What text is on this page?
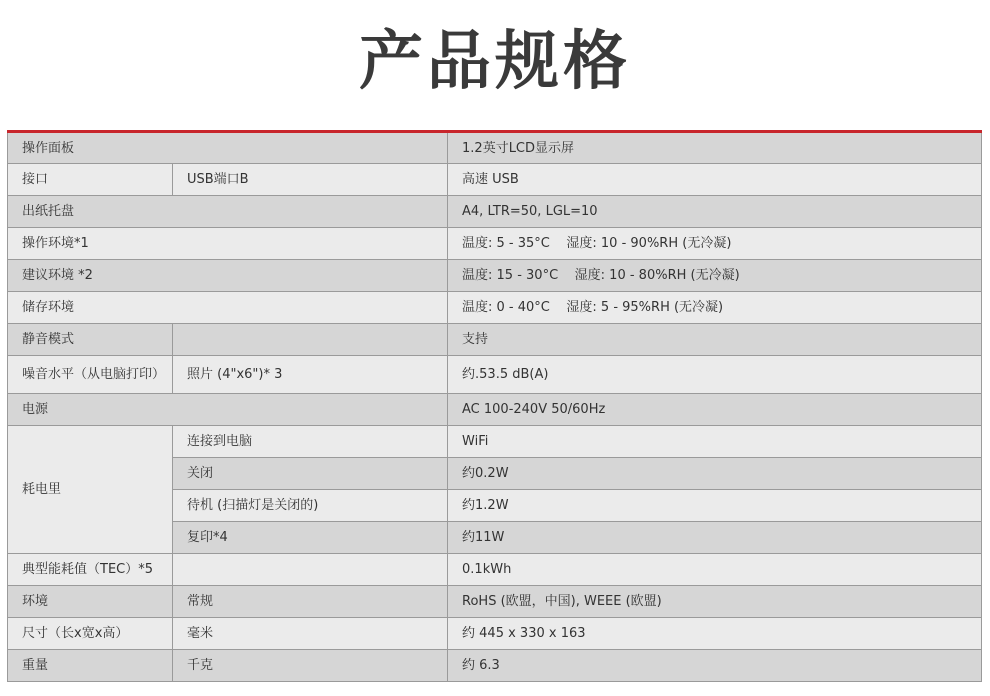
产品规格
操作面板		1.2英寸LCD显示屏
接口	USB端口B	高速 USB
出纸托盘		A4, LTR=50, LGL=10
操作环境*1		温度: 5 - 35°C    湿度: 10 - 90%RH (无冷凝)
建议环境 *2		温度: 15 - 30°C    湿度: 10 - 80%RH (无冷凝)
储存环境		温度: 0 - 40°C    湿度: 5 - 95%RH (无冷凝)
静音模式		支持
噪音水平（从电脑打印）	照片 (4"x6")* 3	约.53.5 dB(A)
电源		AC 100-240V 50/60Hz
耗电里	连接到电脑	WiFi
	关闭	约0.2W
	待机 (扫描灯是关闭的)	约1.2W
	复印*4	约11W
典型能耗值（TEC）*5		0.1kWh
环境	常规	RoHS (欧盟，中国), WEEE (欧盟)
尺寸（长x宽x高）	毫米	约 445 x 330 x 163
重量	千克	约 6.3
